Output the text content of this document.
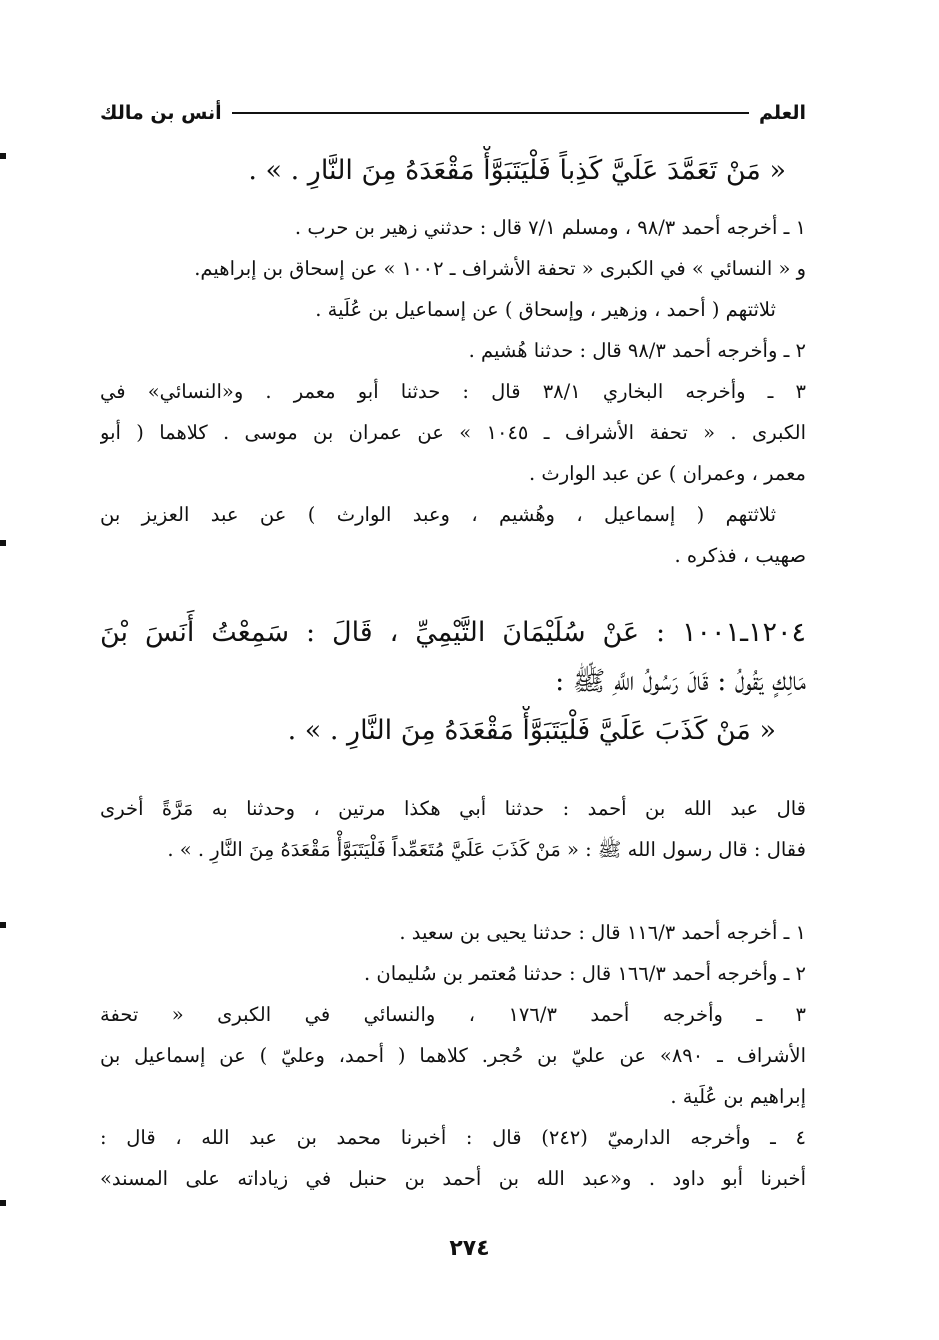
العلم
أنس بن مالك
« مَنْ تَعَمَّدَ عَلَيَّ كَذِباً فَلْيَتَبَوَّأْ مَقْعَدَهُ مِنَ النَّارِ . » .
١ ـ أخرجه أحمد ٩٨/٣ ، ومسلم ٧/١ قال : حدثني زهير بن حرب .
و « النسائي » في الكبرى « تحفة الأشراف ـ ١٠٠٢ » عن إسحاق بن إبراهيم.
ثلاثتهم ( أحمد ، وزهير ، وإسحاق ) عن إسماعيل بن عُلَية .
٢ ـ وأخرجه أحمد ٩٨/٣ قال : حدثنا هُشيم .
٣ ـ وأخرجه البخاري ٣٨/١ قال : حدثنا أبو معمر . و«النسائي» في
الكبرى . « تحفة الأشراف ـ ١٠٤٥ » عن عمران بن موسى . كلاهما ( أبو
معمر ، وعمران ) عن عبد الوارث .
ثلاثتهم ( إسماعيل ، وهُشيم ، وعبد الوارث ) عن عبد العزيز بن
صهيب ، فذكره .
١٢٠٤ـ١٠٠١ : عَنْ سُلَيْمَانَ التَّيْمِيِّ ، قَالَ : سَمِعْتُ أَنَسَ بْنَ
مَالِكٍ يَقُولُ : قَالَ رَسُولُ اللَّهِ ﷺ :
« مَنْ كَذَبَ عَلَيَّ فَلْيَتَبَوَّأْ مَقْعَدَهُ مِنَ النَّارِ . » .
قال عبد الله بن أحمد : حدثنا أبي هكذا مرتين ، وحدثنا به مَرَّةً أخرى
فقال : قال رسول الله ﷺ : « مَنْ كَذَبَ عَلَيَّ مُتَعَمِّداً فَلْيَتَبَوَّأْ مَقْعَدَهُ مِنَ النَّارِ . » .
١ ـ أخرجه أحمد ١١٦/٣ قال : حدثنا يحيى بن سعيد .
٢ ـ وأخرجه أحمد ١٦٦/٣ قال : حدثنا مُعتمر بن سُليمان .
٣ ـ وأخرجه أحمد ١٧٦/٣ ، والنسائي في الكبرى « تحفة
الأشراف ـ ٨٩٠» عن عليّ بن حُجر. كلاهما ( أحمد، وعليّ ) عن إسماعيل بن
إبراهيم بن عُلَية .
٤ ـ وأخرجه الدارميّ (٢٤٢) قال : أخبرنا محمد بن عبد الله ، قال :
أخبرنا أبو داود . و«عبد الله بن أحمد بن حنبل في زياداته على المسند»
٢٧٤
